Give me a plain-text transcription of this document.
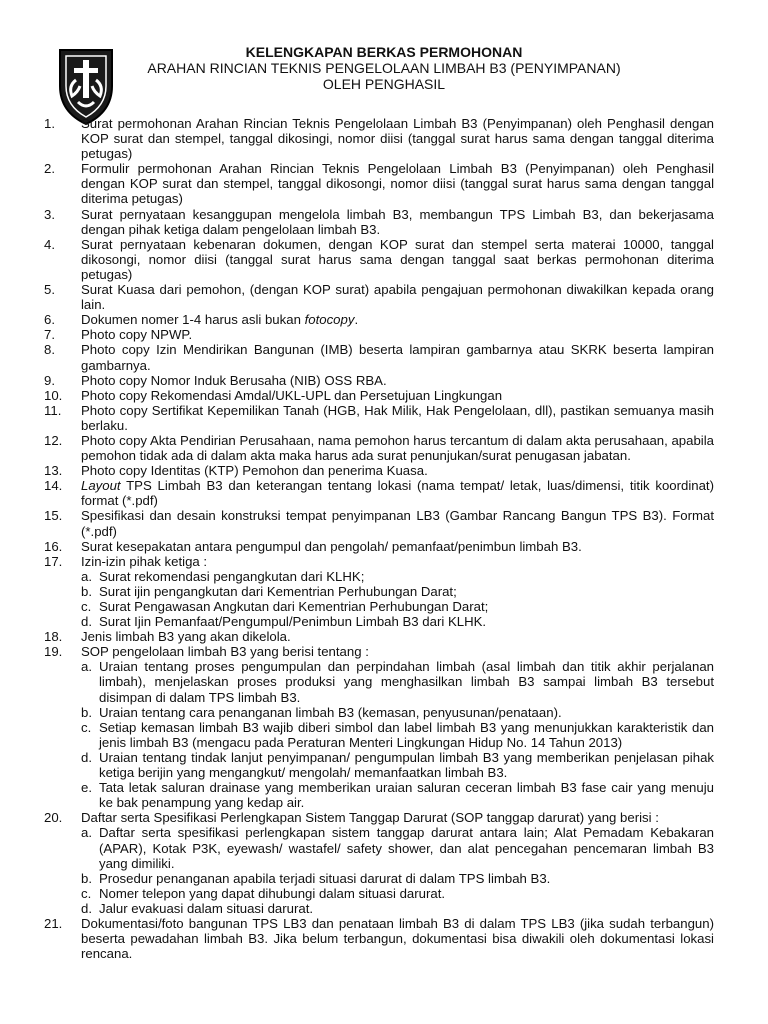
KELENGKAPAN BERKAS PERMOHONAN
ARAHAN RINCIAN TEKNIS PENGELOLAAN LIMBAH B3 (PENYIMPANAN)
OLEH PENGHASIL
1.	Surat permohonan Arahan Rincian Teknis Pengelolaan Limbah B3 (Penyimpanan) oleh Penghasil dengan KOP surat dan stempel, tanggal dikosingi, nomor diisi (tanggal surat harus sama dengan tanggal diterima petugas)
2.	Formulir permohonan Arahan Rincian Teknis Pengelolaan Limbah B3 (Penyimpanan) oleh Penghasil dengan KOP surat dan stempel, tanggal dikosongi, nomor diisi (tanggal surat harus sama dengan tanggal diterima petugas)
3.	Surat pernyataan kesanggupan mengelola limbah B3, membangun TPS Limbah B3, dan bekerjasama dengan pihak ketiga dalam pengelolaan limbah B3.
4.	Surat pernyataan kebenaran dokumen, dengan KOP surat dan stempel serta materai 10000, tanggal dikosongi, nomor diisi (tanggal surat harus sama dengan tanggal saat berkas permohonan diterima petugas)
5.	Surat Kuasa dari pemohon, (dengan KOP surat) apabila pengajuan permohonan diwakilkan kepada orang lain.
6.	Dokumen nomer 1-4 harus asli bukan fotocopy.
7.	Photo copy NPWP.
8.	Photo copy Izin Mendirikan Bangunan (IMB) beserta lampiran gambarnya atau SKRK beserta lampiran gambarnya.
9.	Photo copy Nomor Induk Berusaha (NIB) OSS RBA.
10.	Photo copy Rekomendasi Amdal/UKL-UPL dan Persetujuan Lingkungan
11.	Photo copy Sertifikat Kepemilikan Tanah (HGB, Hak Milik, Hak Pengelolaan, dll), pastikan semuanya masih berlaku.
12.	Photo copy Akta Pendirian Perusahaan, nama pemohon harus tercantum di dalam akta perusahaan, apabila pemohon tidak ada di dalam akta maka harus ada surat penunjukan/surat penugasan jabatan.
13.	Photo copy Identitas (KTP) Pemohon dan penerima Kuasa.
14.	Layout TPS Limbah B3 dan keterangan tentang lokasi (nama tempat/ letak, luas/dimensi, titik koordinat) format (*.pdf)
15.	Spesifikasi dan desain konstruksi tempat penyimpanan LB3 (Gambar Rancang Bangun TPS B3). Format (*.pdf)
16.	Surat kesepakatan antara pengumpul dan pengolah/ pemanfaat/penimbun limbah B3.
17.	Izin-izin pihak ketiga :
a. Surat rekomendasi pengangkutan dari KLHK;
b. Surat ijin pengangkutan dari Kementrian Perhubungan Darat;
c. Surat Pengawasan Angkutan dari Kementrian Perhubungan Darat;
d. Surat Ijin Pemanfaat/Pengumpul/Penimbun Limbah B3 dari KLHK.
18.	Jenis limbah B3 yang akan dikelola.
19.	SOP pengelolaan limbah B3 yang berisi tentang :
a. Uraian tentang proses pengumpulan dan perpindahan limbah (asal limbah dan titik akhir perjalanan limbah), menjelaskan proses produksi yang menghasilkan limbah B3 sampai limbah B3 tersebut disimpan di dalam TPS limbah B3.
b. Uraian tentang cara penanganan limbah B3 (kemasan, penyusunan/penataan).
c. Setiap kemasan limbah B3 wajib diberi simbol dan label limbah B3 yang menunjukkan karakteristik dan jenis limbah B3 (mengacu pada Peraturan Menteri Lingkungan Hidup No. 14 Tahun 2013)
d. Uraian tentang tindak lanjut penyimpanan/ pengumpulan limbah B3 yang memberikan penjelasan pihak ketiga berijin yang mengangkut/ mengolah/ memanfaatkan limbah B3.
e. Tata letak saluran drainase yang memberikan uraian saluran ceceran limbah B3 fase cair yang menuju ke bak penampung yang kedap air.
20.	Daftar serta Spesifikasi Perlengkapan Sistem Tanggap Darurat (SOP tanggap darurat) yang berisi :
a. Daftar serta spesifikasi perlengkapan sistem tanggap darurat antara lain; Alat Pemadam Kebakaran (APAR), Kotak P3K, eyewash/ wastafel/ safety shower, dan alat pencegahan pencemaran limbah B3 yang dimiliki.
b. Prosedur penanganan apabila terjadi situasi darurat di dalam TPS limbah B3.
c. Nomer telepon yang dapat dihubungi dalam situasi darurat.
d. Jalur evakuasi dalam situasi darurat.
21.	Dokumentasi/foto bangunan TPS LB3 dan penataan limbah B3 di dalam TPS LB3 (jika sudah terbangun) beserta pewadahan limbah B3. Jika belum terbangun, dokumentasi bisa diwakili oleh dokumentasi lokasi rencana.
